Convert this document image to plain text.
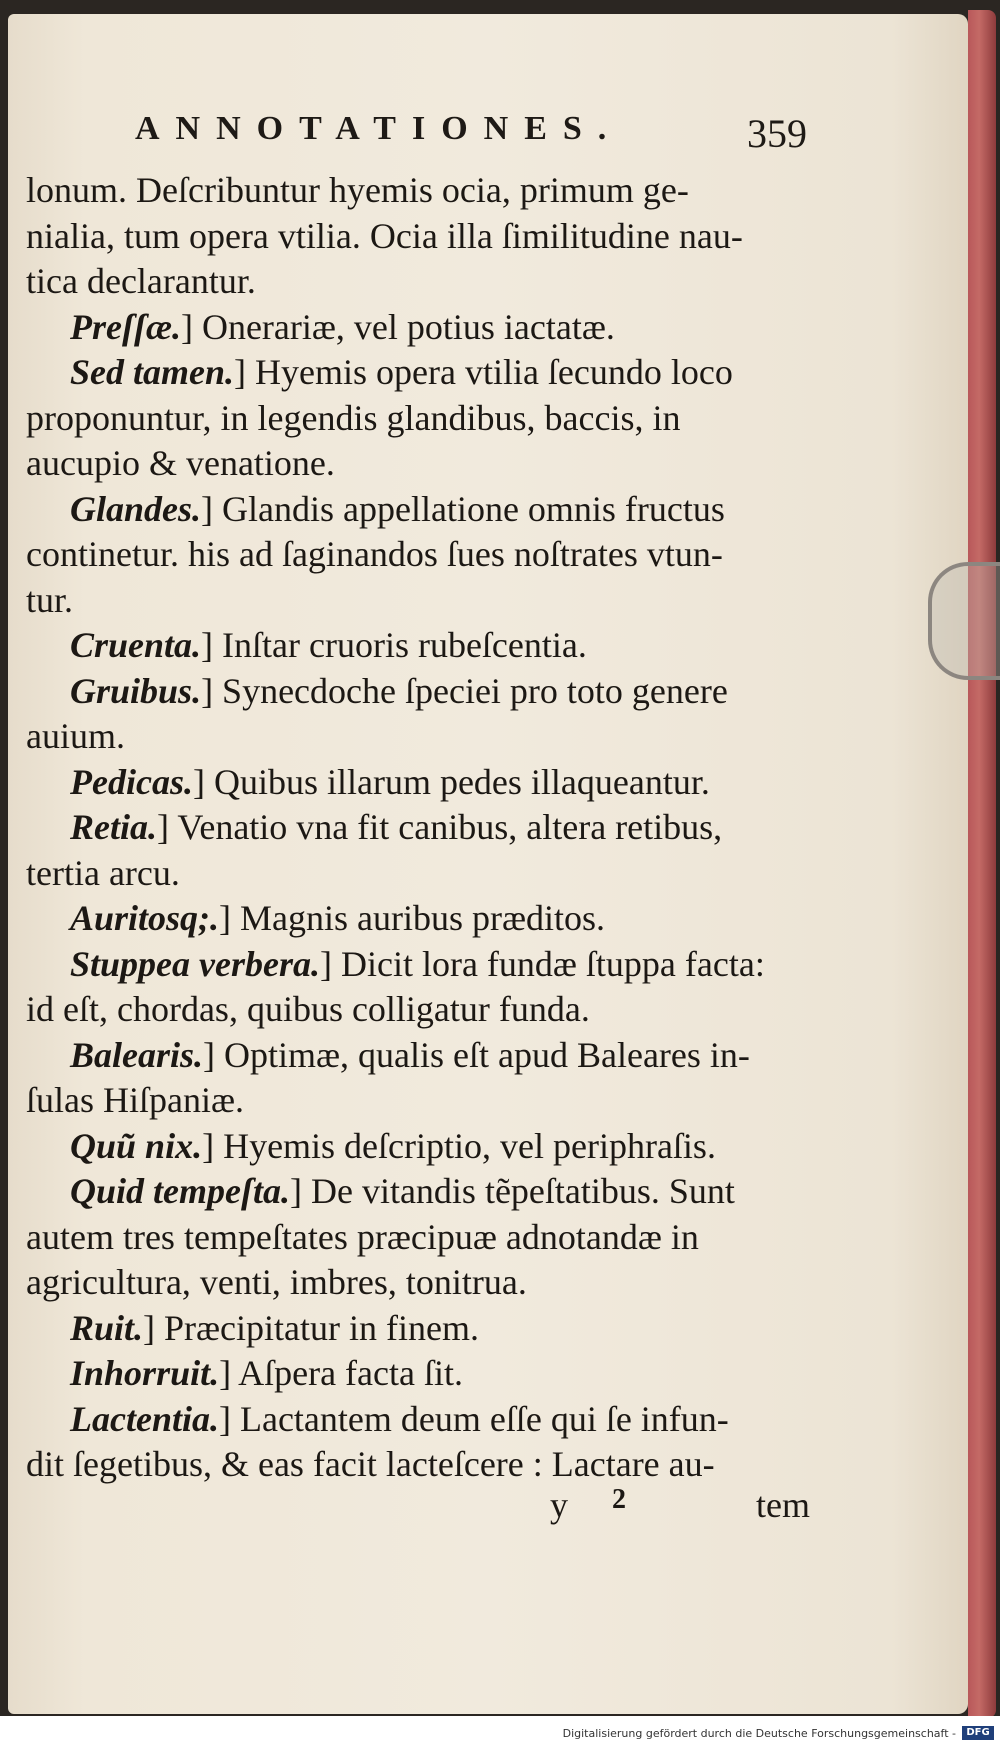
ANNOTATIONES.	359
lonum. Deſcribuntur hyemis ocia, primum ge-
nialia, tum opera vtilia. Ocia illa ſimilitudine nau-
tica declarantur.
Preſſæ.] Onerariæ, vel potius iactatæ.
Sed tamen.] Hyemis opera vtilia ſecundo loco
proponuntur, in legendis glandibus, baccis, in
aucupio & venatione.
Glandes.] Glandis appellatione omnis fructus
continetur. his ad ſaginandos ſues noſtrates vtun-
tur.
Cruenta.] Inſtar cruoris rubeſcentia.
Gruibus.] Synecdoche ſpeciei pro toto genere
auium.
Pedicas.] Quibus illarum pedes illaqueantur.
Retia.] Venatio vna fit canibus, altera retibus,
tertia arcu.
Auritosq;.] Magnis auribus præditos.
Stuppea verbera.] Dicit lora fundæ ſtuppa facta:
id eſt, chordas, quibus colligatur funda.
Balearis.] Optimæ, qualis eſt apud Baleares in-
ſulas Hiſpaniæ.
Quũ nix.] Hyemis deſcriptio, vel periphraſis.
Quid tempeſta.] De vitandis tẽpeſtatibus. Sunt
autem tres tempeſtates præcipuæ adnotandæ in
agricultura, venti, imbres, tonitrua.
Ruit.] Præcipitatur in finem.
Inhorruit.] Aſpera facta ſit.
Lactentia.] Lactantem deum eſſe qui ſe infun-
dit ſegetibus, & eas facit lacteſcere : Lactare au-
y 2	tem
Digitalisierung gefördert durch die Deutsche Forschungsgemeinschaft -	DFG
